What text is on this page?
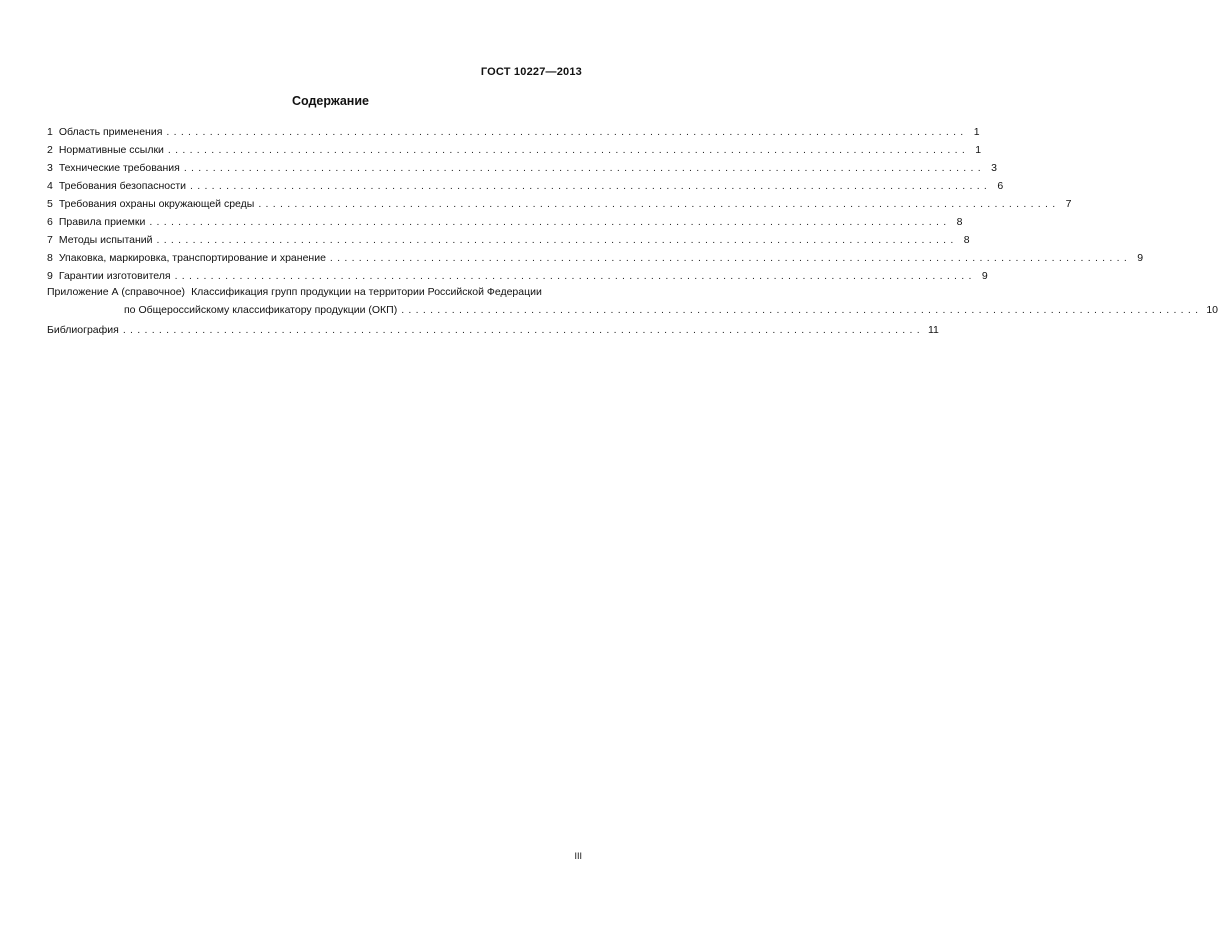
ГОСТ 10227—2013
Содержание
1 Область применения ............................................................................................................... 1
2 Нормативные ссылки ............................................................................................................... 1
3 Технические требования ............................................................................................................... 3
4 Требования безопасности ............................................................................................................... 6
5 Требования охраны окружающей среды ............................................................................................................... 7
6 Правила приемки ............................................................................................................... 8
7 Методы испытаний ............................................................................................................... 8
8 Упаковка, маркировка, транспортирование и хранение ............................................................................................................... 9
9 Гарантии изготовителя ............................................................................................................... 9
Приложение А (справочное) Классификация групп продукции на территории Российской Федерации
по Общероссийскому классификатору продукции (ОКП) ............................................................................................................... 10
Библиография ............................................................................................................... 11
III
